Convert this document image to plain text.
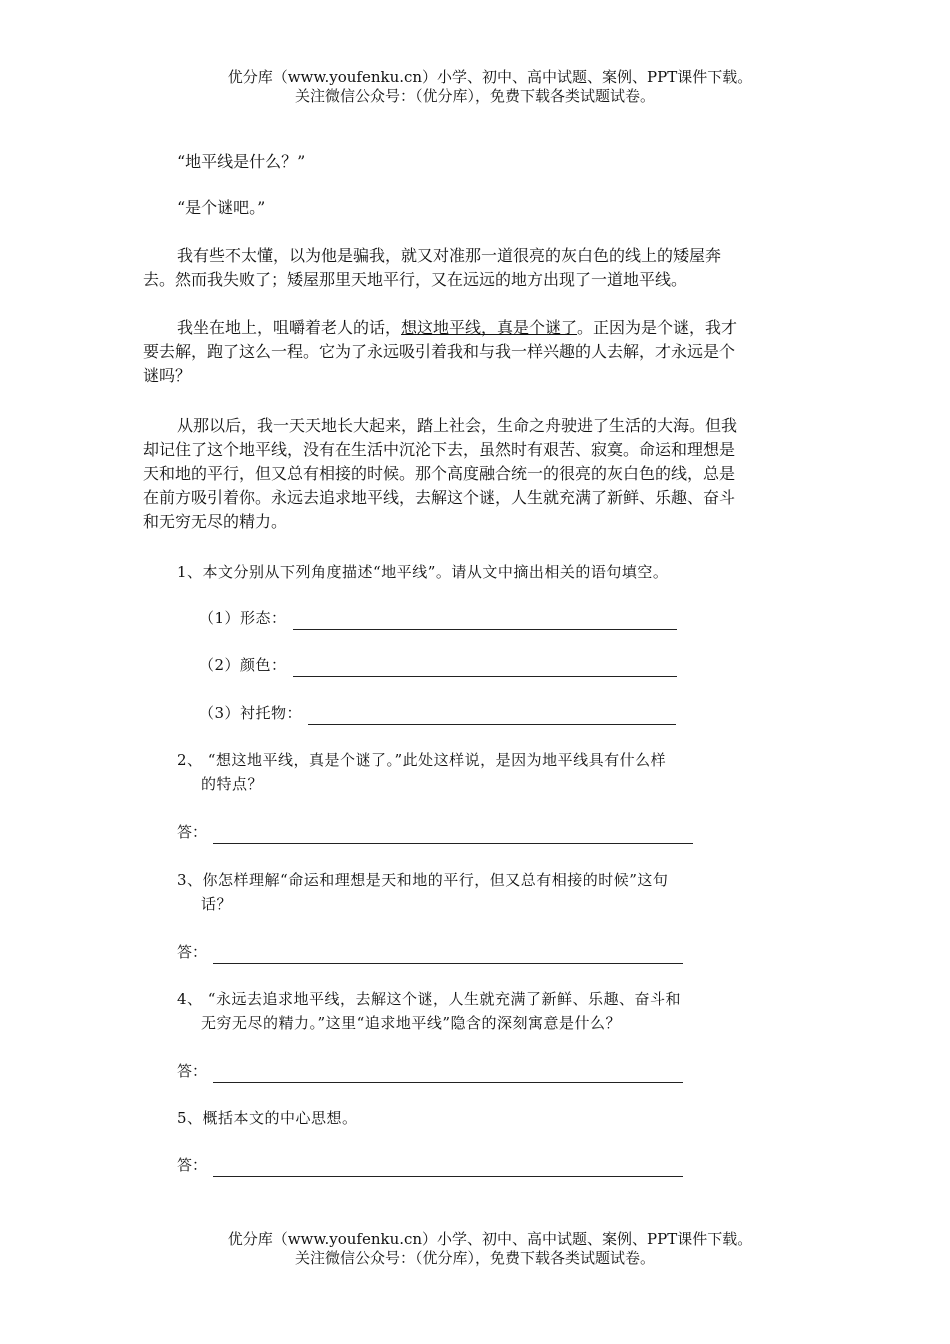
优分库（www.youfenku.cn）小学、初中、高中试题、案例、PPT课件下载。
关注微信公众号：（优分库），免费下载各类试题试卷。

“地平线是什么？”

“是个谜吧。”

我有些不太懂，以为他是骗我，就又对准那一道很亮的灰白色的线上的矮屋奔去。然而我失败了；矮屋那里天地平行，又在远远的地方出现了一道地平线。

我坐在地上，咀嚼着老人的话，想这地平线，真是个谜了。正因为是个谜，我才要去解，跑了这么一程。它为了永远吸引着我和与我一样兴趣的人去解，才永远是个谜吗？

从那以后，我一天天地长大起来，踏上社会，生命之舟驶进了生活的大海。但我却记住了这个地平线，没有在生活中沉沦下去，虽然时有艰苦、寂寞。命运和理想是天和地的平行，但又总有相接的时候。那个高度融合统一的很亮的灰白色的线，总是在前方吸引着你。永远去追求地平线，去解这个谜，人生就充满了新鲜、乐趣、奋斗和无穷无尽的精力。

1、本文分别从下列角度描述“地平线”。请从文中摘出相关的语句填空。

（1）形态：
（2）颜色：
（3）衬托物：

2、 “想这地平线，真是个谜了。”此处这样说，是因为地平线具有什么样
的特点？

答：

3、你怎样理解“命运和理想是天和地的平行，但又总有相接的时候”这句
话？

答：

4、 “永远去追求地平线，去解这个谜，人生就充满了新鲜、乐趣、奋斗和
无穷无尽的精力。”这里“追求地平线”隐含的深刻寓意是什么？

答：

5、概括本文的中心思想。

答：
优分库（www.youfenku.cn）小学、初中、高中试题、案例、PPT课件下载。
关注微信公众号：（优分库），免费下载各类试题试卷。
